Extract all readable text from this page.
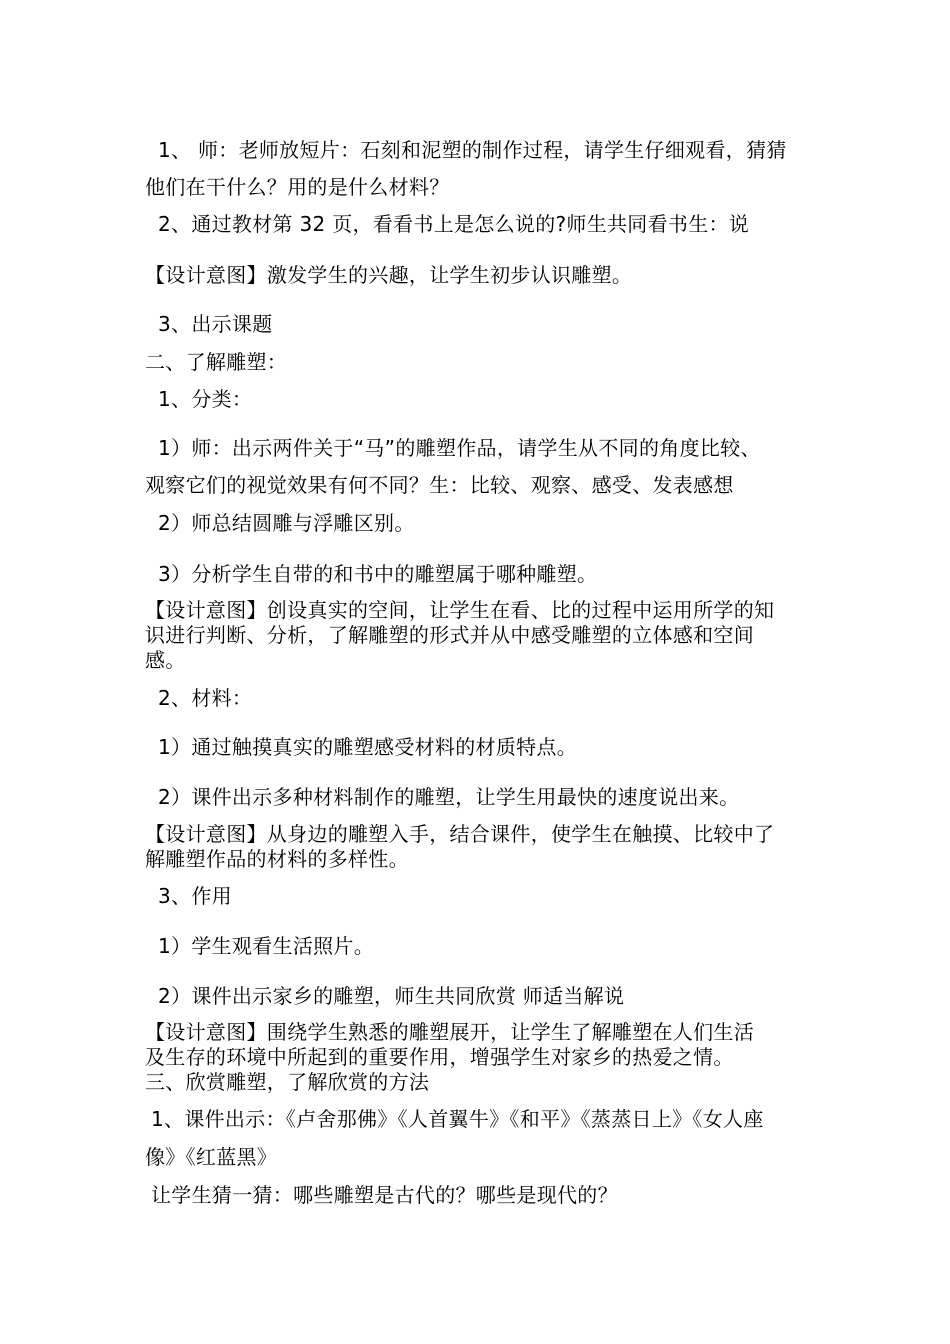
1、 师：老师放短片：石刻和泥塑的制作过程，请学生仔细观看，猜猜
他们在干什么？用的是什么材料？
2、通过教材第 32 页，看看书上是怎么说的?师生共同看书生：说
【设计意图】激发学生的兴趣，让学生初步认识雕塑。
3、出示课题
二、了解雕塑：
1、分类：
1）师：出示两件关于“马”的雕塑作品，请学生从不同的角度比较、
观察它们的视觉效果有何不同？生：比较、观察、感受、发表感想
2）师总结圆雕与浮雕区别。
3）分析学生自带的和书中的雕塑属于哪种雕塑。
【设计意图】创设真实的空间，让学生在看、比的过程中运用所学的知
识进行判断、分析，了解雕塑的形式并从中感受雕塑的立体感和空间
感。
2、材料：
1）通过触摸真实的雕塑感受材料的材质特点。
2）课件出示多种材料制作的雕塑，让学生用最快的速度说出来。
【设计意图】从身边的雕塑入手，结合课件，使学生在触摸、比较中了
解雕塑作品的材料的多样性。
3、作用
1）学生观看生活照片。
2）课件出示家乡的雕塑，师生共同欣赏 师适当解说
【设计意图】围绕学生熟悉的雕塑展开，让学生了解雕塑在人们生活
及生存的环境中所起到的重要作用，增强学生对家乡的热爱之情。
三、欣赏雕塑，了解欣赏的方法
1、课件出示：《卢舍那佛》《人首翼牛》《和平》《蒸蒸日上》《女人座
像》《红蓝黑》
让学生猜一猜：哪些雕塑是古代的？哪些是现代的？
